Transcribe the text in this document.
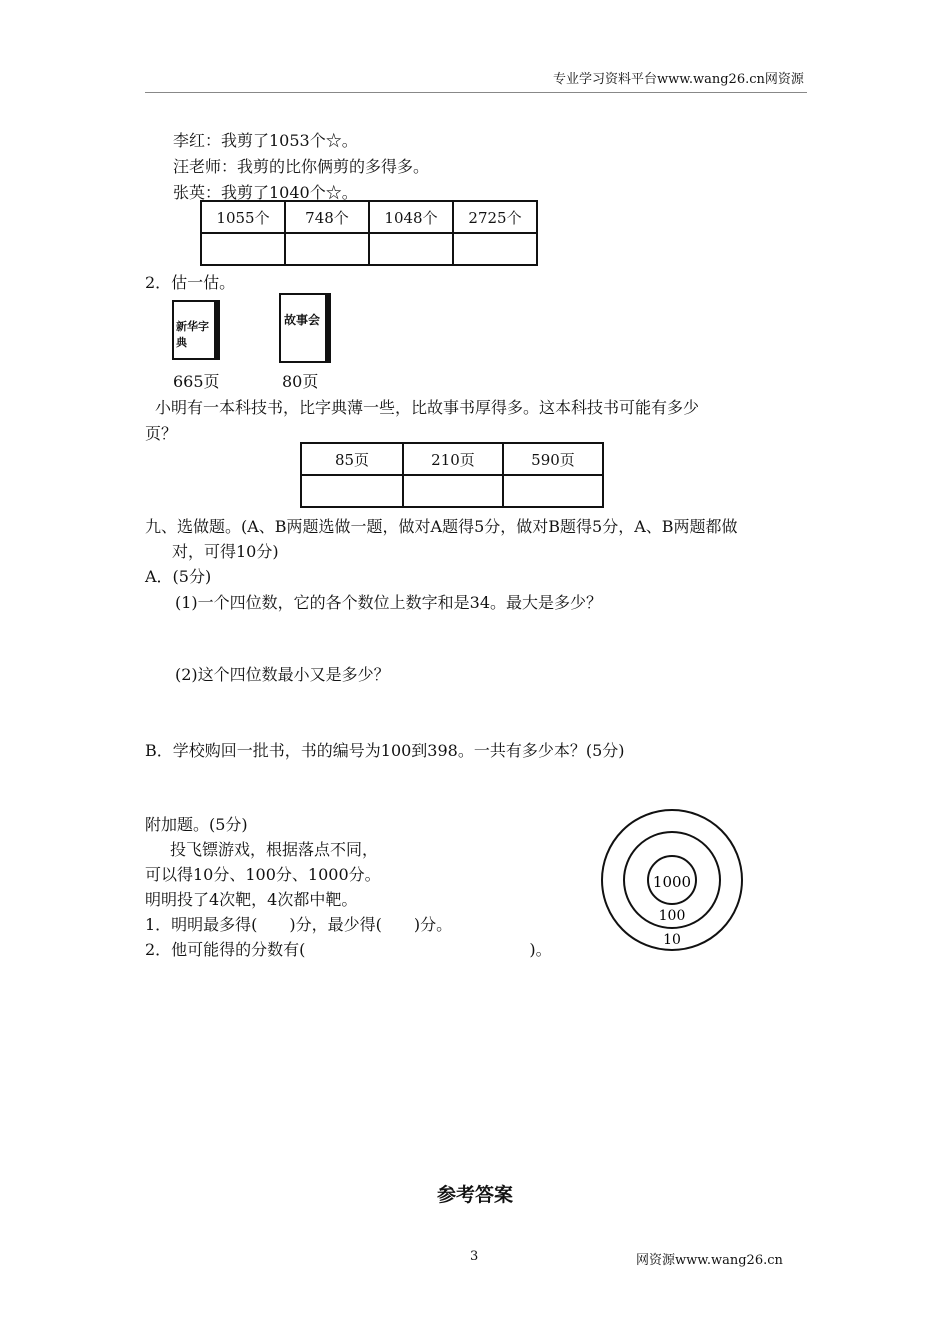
专业学习资料平台www.wang26.cn网资源
李红：我剪了1053个☆。
汪老师：我剪的比你俩剪的多得多。
张英：我剪了1040个☆。
1055个	748个	1048个	2725个

2．估一估。
新华字典
故事会
665页	80页
小明有一本科技书，比字典薄一些，比故事书厚得多。这本科技书可能有多少
页？
85页	210页	590页

九、选做题。(A、B两题选做一题，做对A题得5分，做对B题得5分，A、B两题都做
对，可得10分)
A．(5分)
(1)一个四位数，它的各个数位上数字和是34。最大是多少？
(2)这个四位数最小又是多少？
B．学校购回一批书，书的编号为100到398。一共有多少本？(5分)
附加题。(5分)
投飞镖游戏，根据落点不同，
可以得10分、100分、1000分。
明明投了4次靶，4次都中靶。
1．明明最多得(　　)分，最少得(　　)分。
2．他可能得的分数有(　　　　　　　　　　　　　　)。
1000
100
10
参考答案
3	网资源www.wang26.cn
